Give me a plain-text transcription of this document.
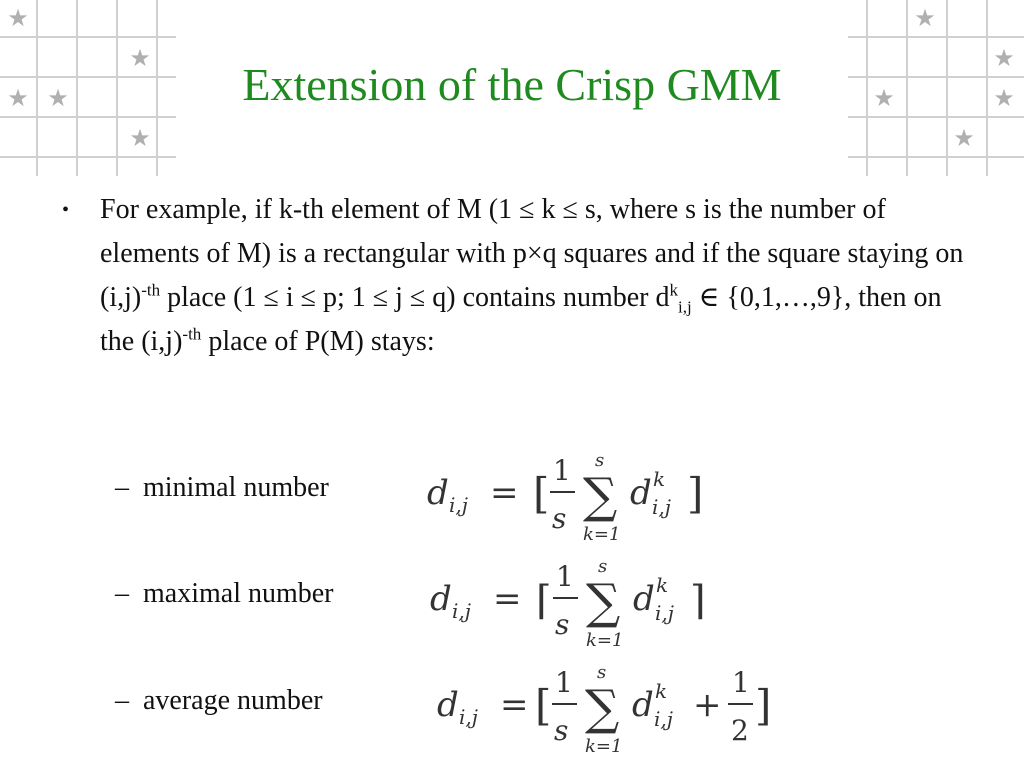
★
★
★ ★
★
★
★
★	★
★
Extension of the Crisp GMM
•	For example, if k-th element of M (1 ≤ k ≤ s, where s is the number of elements of M) is a rectangular with p×q squares and if the square staying on $(i,j)^{-th}$ place (1 ≤ i ≤ p; 1 ≤ j ≤ q) contains number $d^k_{i,j}$ ∈ {0,1,…,9}, then on the $(i,j)^{-th}$ place of P(M) stays:
– minimal number
– maximal number
– average number
d i,j = [ 1
s
s
∑
k=1
d k
i,j ]
d i,j = ⌈
1
s
s
∑
k=1
d k
i,j ⌉
d i,j = [ 1
s
s
∑
k=1
d k
i,j +
1
2
]
